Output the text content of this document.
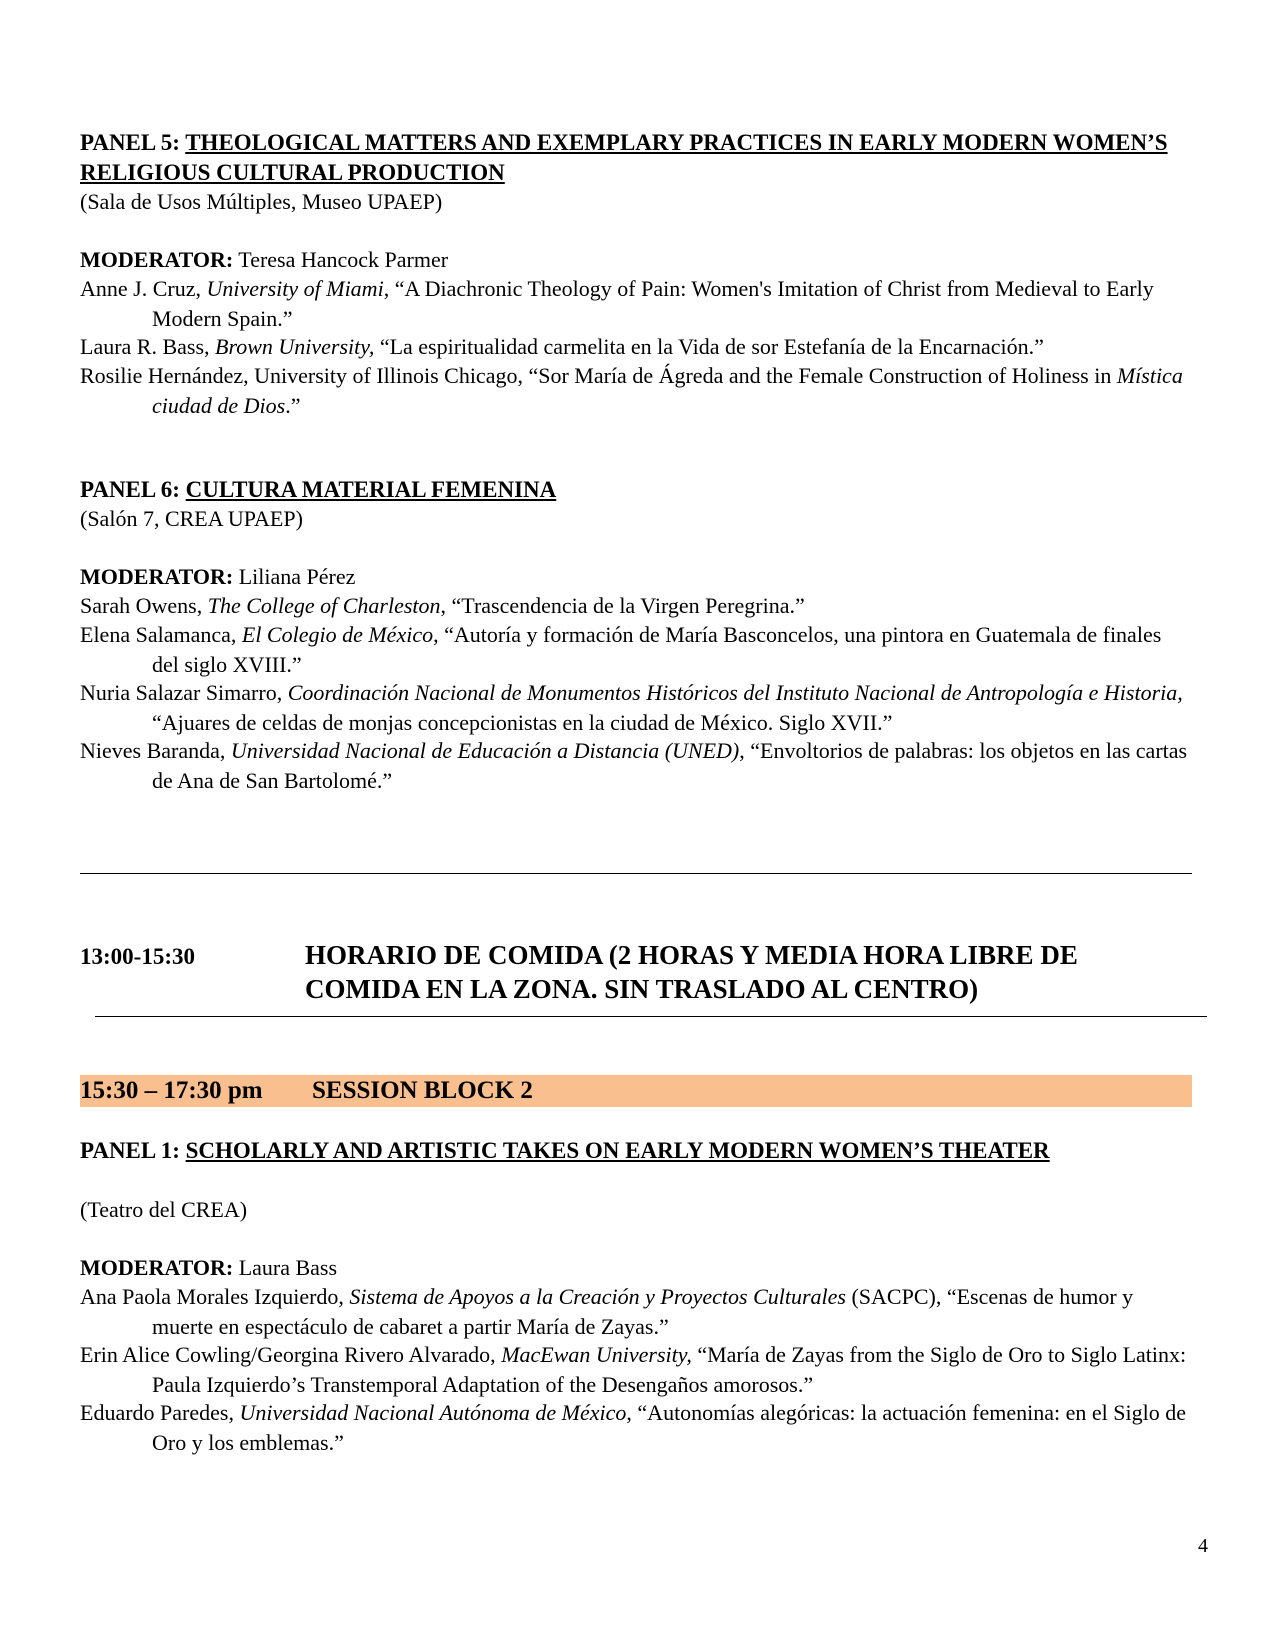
PANEL 5: THEOLOGICAL MATTERS AND EXEMPLARY PRACTICES IN EARLY MODERN WOMEN’S RELIGIOUS CULTURAL PRODUCTION
(Sala de Usos Múltiples, Museo UPAEP)
MODERATOR: Teresa Hancock Parmer
Anne J. Cruz, University of Miami, “A Diachronic Theology of Pain: Women's Imitation of Christ from Medieval to Early Modern Spain.”
Laura R. Bass, Brown University, “La espiritualidad carmelita en la Vida de sor Estefanía de la Encarnación.”
Rosilie Hernández, University of Illinois Chicago, “Sor María de Ágreda and the Female Construction of Holiness in Mística ciudad de Dios.”
PANEL 6: CULTURA MATERIAL FEMENINA
(Salón 7, CREA UPAEP)
MODERATOR: Liliana Pérez
Sarah Owens, The College of Charleston, “Trascendencia de la Virgen Peregrina.”
Elena Salamanca, El Colegio de México, “Autoría y formación de María Basconcelos, una pintora en Guatemala de finales del siglo XVIII.”
Nuria Salazar Simarro, Coordinación Nacional de Monumentos Históricos del Instituto Nacional de Antropología e Historia, “Ajuares de celdas de monjas concepcionistas en la ciudad de México. Siglo XVII.”
Nieves Baranda, Universidad Nacional de Educación a Distancia (UNED), “Envoltorios de palabras: los objetos en las cartas de Ana de San Bartolomé.”
13:00-15:30	HORARIO DE COMIDA (2 HORAS Y MEDIA HORA LIBRE DE COMIDA EN LA ZONA. SIN TRASLADO AL CENTRO)
15:30 – 17:30 pm SESSION BLOCK 2
PANEL 1: SCHOLARLY AND ARTISTIC TAKES ON EARLY MODERN WOMEN’S THEATER
(Teatro del CREA)
MODERATOR: Laura Bass
Ana Paola Morales Izquierdo, Sistema de Apoyos a la Creación y Proyectos Culturales (SACPC), “Escenas de humor y muerte en espectáculo de cabaret a partir María de Zayas.”
Erin Alice Cowling/Georgina Rivero Alvarado, MacEwan University, “María de Zayas from the Siglo de Oro to Siglo Latinx: Paula Izquierdo’s Transtemporal Adaptation of the Desengaños amorosos.”
Eduardo Paredes, Universidad Nacional Autónoma de México, “Autonomías alegóricas: la actuación femenina: en el Siglo de Oro y los emblemas.”
4
